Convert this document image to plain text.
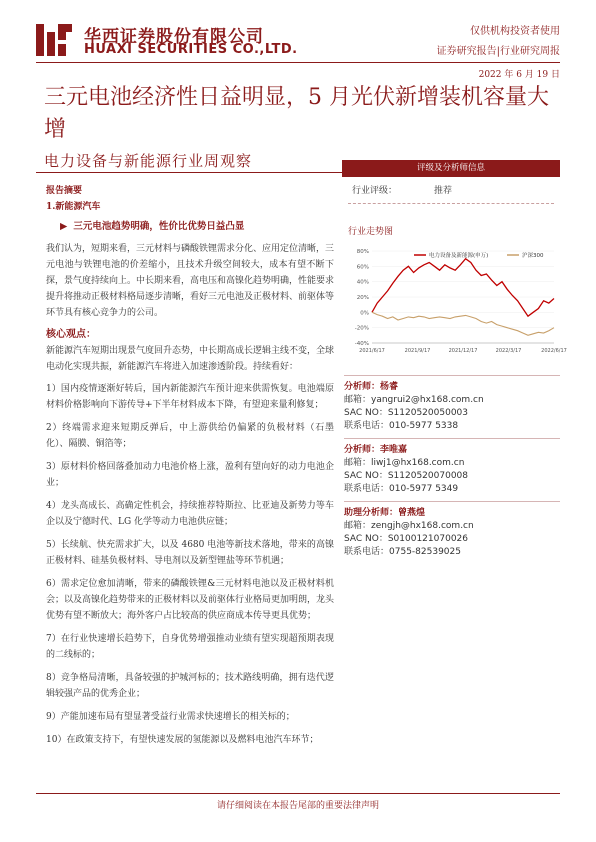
华西证券股份有限公司
HUAXI SECURITIES CO.,LTD.
仅供机构投资者使用
证券研究报告|行业研究周报
2022 年 6 月 19 日
三元电池经济性日益明显，5 月光伏新增装机容量大增
电力设备与新能源行业周观察
报告摘要
1.新能源汽车
▶ 三元电池趋势明确，性价比优势日益凸显

我们认为，短期来看，三元材料与磷酸铁锂需求分化、应用定位清晰，三元电池与铁锂电池的价差缩小，且技术升级空间较大，成本有望不断下探，景气度持续向上。中长期来看，高电压和高镍化趋势明确，性能要求提升将推动正极材料格局逐步清晰，看好三元电池及正极材料、前驱体等环节具有核心竞争力的公司。

核心观点：

新能源汽车短期出现景气度回升态势，中长期高成长逻辑主线不变，全球电动化实现共振，新能源汽车将进入加速渗透阶段。持续看好：

1）国内疫情逐渐好转后，国内新能源汽车预计迎来供需恢复。电池端原材料价格影响向下游传导+下半年材料成本下降，有望迎来量利修复；
2）终端需求迎来短期反弹后，中上游供给仍偏紧的负极材料（石墨化）、隔膜、铜箔等；
3）原材料价格回落叠加动力电池价格上涨，盈利有望向好的动力电池企业；
4）龙头高成长、高确定性机会，持续推荐特斯拉、比亚迪及新势力等车企以及宁德时代、LG 化学等动力电池供应链；
5）长续航、快充需求扩大，以及 4680 电池等新技术落地，带来的高镍正极材料、硅基负极材料、导电剂以及新型锂盐等环节机遇；
6）需求定位愈加清晰，带来的磷酸铁锂&三元材料电池以及正极材料机会；以及高镍化趋势带来的正极材料以及前驱体行业格局更加明朗，龙头优势有望不断放大；海外客户占比较高的供应商成本传导更具优势；
7）在行业快速增长趋势下，自身优势增强推动业绩有望实现超预期表现的二线标的；
8）竞争格局清晰，具备较强的护城河标的；技术路线明确，拥有迭代逻辑较强产品的优秀企业；
9）产能加速布局有望显著受益行业需求快速增长的相关标的；
10）在政策支持下，有望快速发展的氢能源以及燃料电池汽车环节；
评级及分析师信息
行业评级：	推荐
行业走势图
80%
60%
40%
20%
0%
-20%
-40%
2021/6/17	2021/9/17	2021/12/17	2022/3/17	2022/6/17
电力设备及新能源(申万)	沪深300
分析师：杨睿
邮箱：yangrui2@hx168.com.cn
SAC NO：S1120520050003
联系电话：010-5977 5338
分析师：李唯嘉
邮箱：liwj1@hx168.com.cn
SAC NO：S1120520070008
联系电话：010-5977 5349
助理分析师：曾燕煌
邮箱：zengjh@hx168.com.cn
SAC NO：S0100121070026
联系电话：0755-82539025
请仔细阅读在本报告尾部的重要法律声明
